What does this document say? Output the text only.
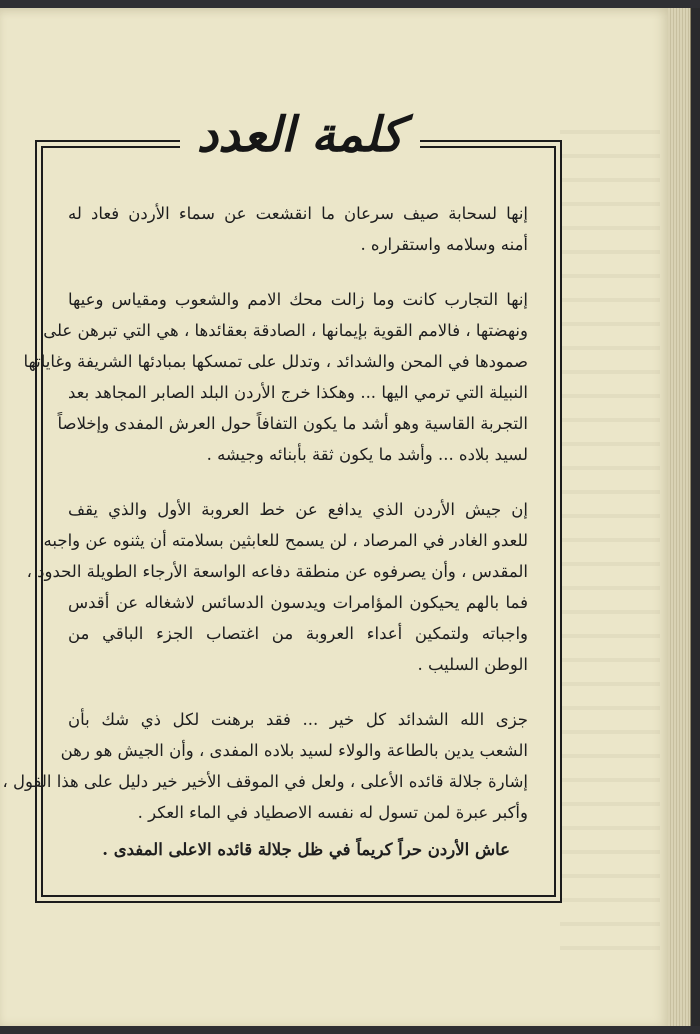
كلمة العدد
إنها لسحابة صيف سرعان ما انقشعت عن سماء الأردن فعاد له
أمنه وسلامه واستقراره .
إنها التجارب كانت وما زالت محك الامم والشعوب ومقياس وعيها
ونهضتها ، فالامم القوية بإيمانها ، الصادقة بعقائدها ، هي التي تبرهن على
صمودها في المحن والشدائد ، وتدلل على تمسكها بمبادئها الشريفة وغاياتها
النبيلة التي ترمي اليها ... وهكذا خرج الأردن البلد الصابر المجاهد بعد
التجربة القاسية وهو أشد ما يكون التفافاً حول العرش المفدى وإخلاصاً
لسيد بلاده ... وأشد ما يكون ثقة بأبنائه وجيشه .
إن جيش الأردن الذي يدافع عن خط العروبة الأول والذي يقف
للعدو الغادر في المرصاد ، لن يسمح للعابثين بسلامته أن يثنوه عن واجبه
المقدس ، وأن يصرفوه عن منطقة دفاعه الواسعة الأرجاء الطويلة الحدود ،
فما بالهم يحيكون المؤامرات ويدسون الدسائس لاشغاله عن أقدس
واجباته ولتمكين أعداء العروبة من اغتصاب الجزء الباقي من
الوطن السليب .
جزى الله الشدائد كل خير ... فقد برهنت لكل ذي شك بأن
الشعب يدين بالطاعة والولاء لسيد بلاده المفدى ، وأن الجيش هو رهن
إشارة جلالة قائده الأعلى ، ولعل في الموقف الأخير خير دليل على هذا القول ،
وأكبر عبرة لمن تسول له نفسه الاصطياد في الماء العكر .
عاش الأردن حراً كريماً في ظل جلالة قائده الاعلى المفدى .
